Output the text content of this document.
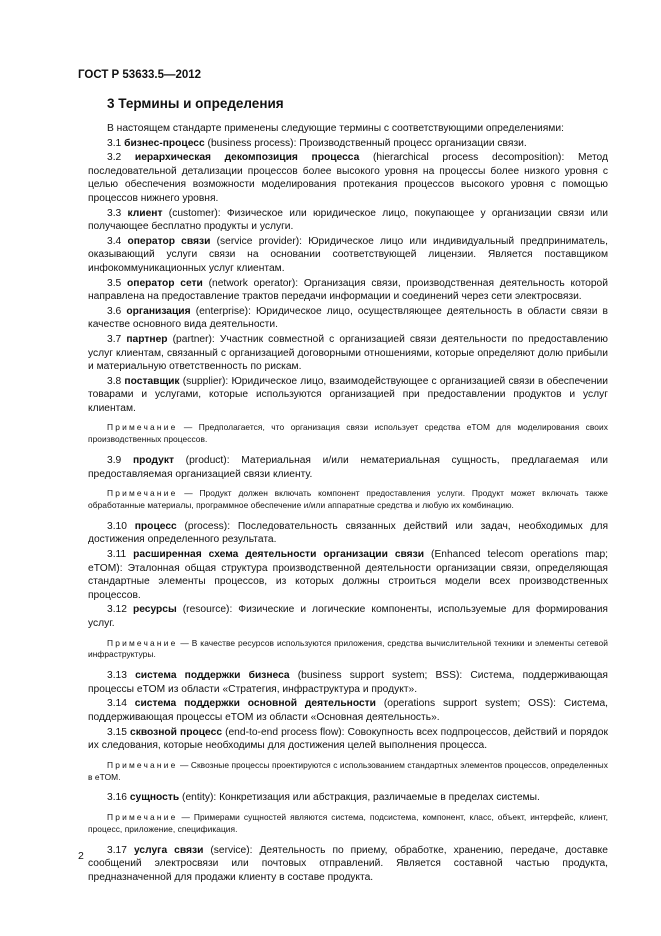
ГОСТ Р 53633.5—2012
3 Термины и определения

В настоящем стандарте применены следующие термины с соответствующими определениями:

3.1 бизнес-процесс (business process): Производственный процесс организации связи.

3.2 иерархическая декомпозиция процесса (hierarchical process decomposition): Метод последовательной детализации процессов более высокого уровня на процессы более низкого уровня с целью обеспечения возможности моделирования протекания процессов высокого уровня с помощью процессов нижнего уровня.

3.3 клиент (customer): Физическое или юридическое лицо, покупающее у организации связи или получающее бесплатно продукты и услуги.

3.4 оператор связи (service provider): Юридическое лицо или индивидуальный предприниматель, оказывающий услуги связи на основании соответствующей лицензии. Является поставщиком инфокоммуникационных услуг клиентам.

3.5 оператор сети (network operator): Организация связи, производственная деятельность которой направлена на предоставление трактов передачи информации и соединений через сети электросвязи.

3.6 организация (enterprise): Юридическое лицо, осуществляющее деятельность в области связи в качестве основного вида деятельности.

3.7 партнер (partner): Участник совместной с организацией связи деятельности по предоставлению услуг клиентам, связанный с организацией договорными отношениями, которые определяют долю прибыли и материальную ответственность по рискам.

3.8 поставщик (supplier): Юридическое лицо, взаимодействующее с организацией связи в обеспечении товарами и услугами, которые используются организацией при предоставлении продуктов и услуг клиентам.

Примечание — Предполагается, что организация связи использует средства eTOM для моделирования своих производственных процессов.

3.9 продукт (product): Материальная и/или нематериальная сущность, предлагаемая или предоставляемая организацией связи клиенту.

Примечание — Продукт должен включать компонент предоставления услуги. Продукт может включать также обработанные материалы, программное обеспечение и/или аппаратные средства и любую их комбинацию.

3.10 процесс (process): Последовательность связанных действий или задач, необходимых для достижения определенного результата.

3.11 расширенная схема деятельности организации связи (Enhanced telecom operations map; eTOM): Эталонная общая структура производственной деятельности организации связи, определяющая стандартные элементы процессов, из которых должны строиться модели всех производственных процессов.

3.12 ресурсы (resource): Физические и логические компоненты, используемые для формирования услуг.

Примечание — В качестве ресурсов используются приложения, средства вычислительной техники и элементы сетевой инфраструктуры.

3.13 система поддержки бизнеса (business support system; BSS): Система, поддерживающая процессы eTOM из области «Стратегия, инфраструктура и продукт».

3.14 система поддержки основной деятельности (operations support system; OSS): Система, поддерживающая процессы eTOM из области «Основная деятельность».

3.15 сквозной процесс (end-to-end process flow): Совокупность всех подпроцессов, действий и порядок их следования, которые необходимы для достижения целей выполнения процесса.

Примечание — Сквозные процессы проектируются с использованием стандартных элементов процессов, определенных в eTOM.

3.16 сущность (entity): Конкретизация или абстракция, различаемые в пределах системы.

Примечание — Примерами сущностей являются система, подсистема, компонент, класс, объект, интерфейс, клиент, процесс, приложение, спецификация.

3.17 услуга связи (service): Деятельность по приему, обработке, хранению, передаче, доставке сообщений электросвязи или почтовых отправлений. Является составной частью продукта, предназначенной для продажи клиенту в составе продукта.

2
